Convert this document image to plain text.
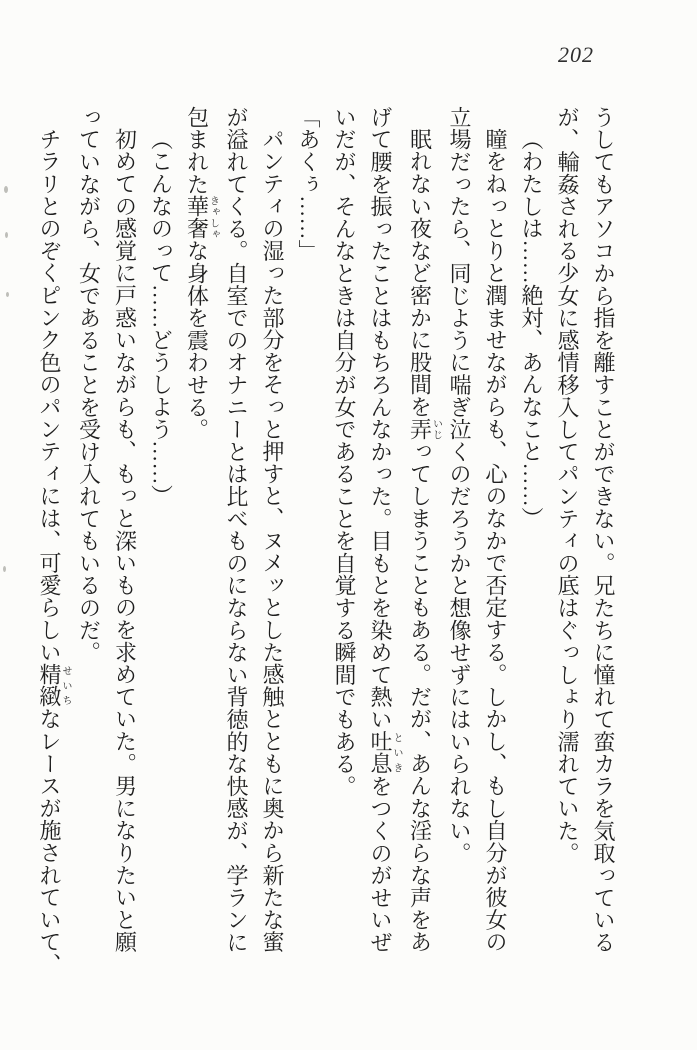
202

うしてもアソコから指を離すことができない。兄たちに憧れて蛮カラを気取っている

が、輪姦される少女に感情移入してパンティの底はぐっしょり濡れていた。

（わたしは……絶対、あんなこと……）

瞳をねっとりと潤ませながらも、心のなかで否定する。しかし、もし自分が彼女の

立場だったら、同じように喘ぎ泣くのだろうかと想像せずにはいられない。

眠れない夜など密かに股間を弄いじってしまうこともある。だが、あんな淫らな声をあ

げて腰を振ったことはもちろんなかった。目もとを染めて熱い吐息といきをつくのがせいぜ

いだが、そんなときは自分が女であることを自覚する瞬間でもある。

「あくぅ……」

パンティの湿った部分をそっと押すと、ヌメッとした感触とともに奥から新たな蜜

が溢れてくる。自室でのオナニーとは比べものにならない背徳的な快感が、学ランに

包まれた華奢きゃしゃな身体を震わせる。

（こんなのって……どうしよう……）

初めての感覚に戸惑いながらも、もっと深いものを求めていた。男になりたいと願

っていながら、女であることを受け入れてもいるのだ。

チラリとのぞくピンク色のパンティには、可愛らしい精緻せいちなレースが施されていて、
